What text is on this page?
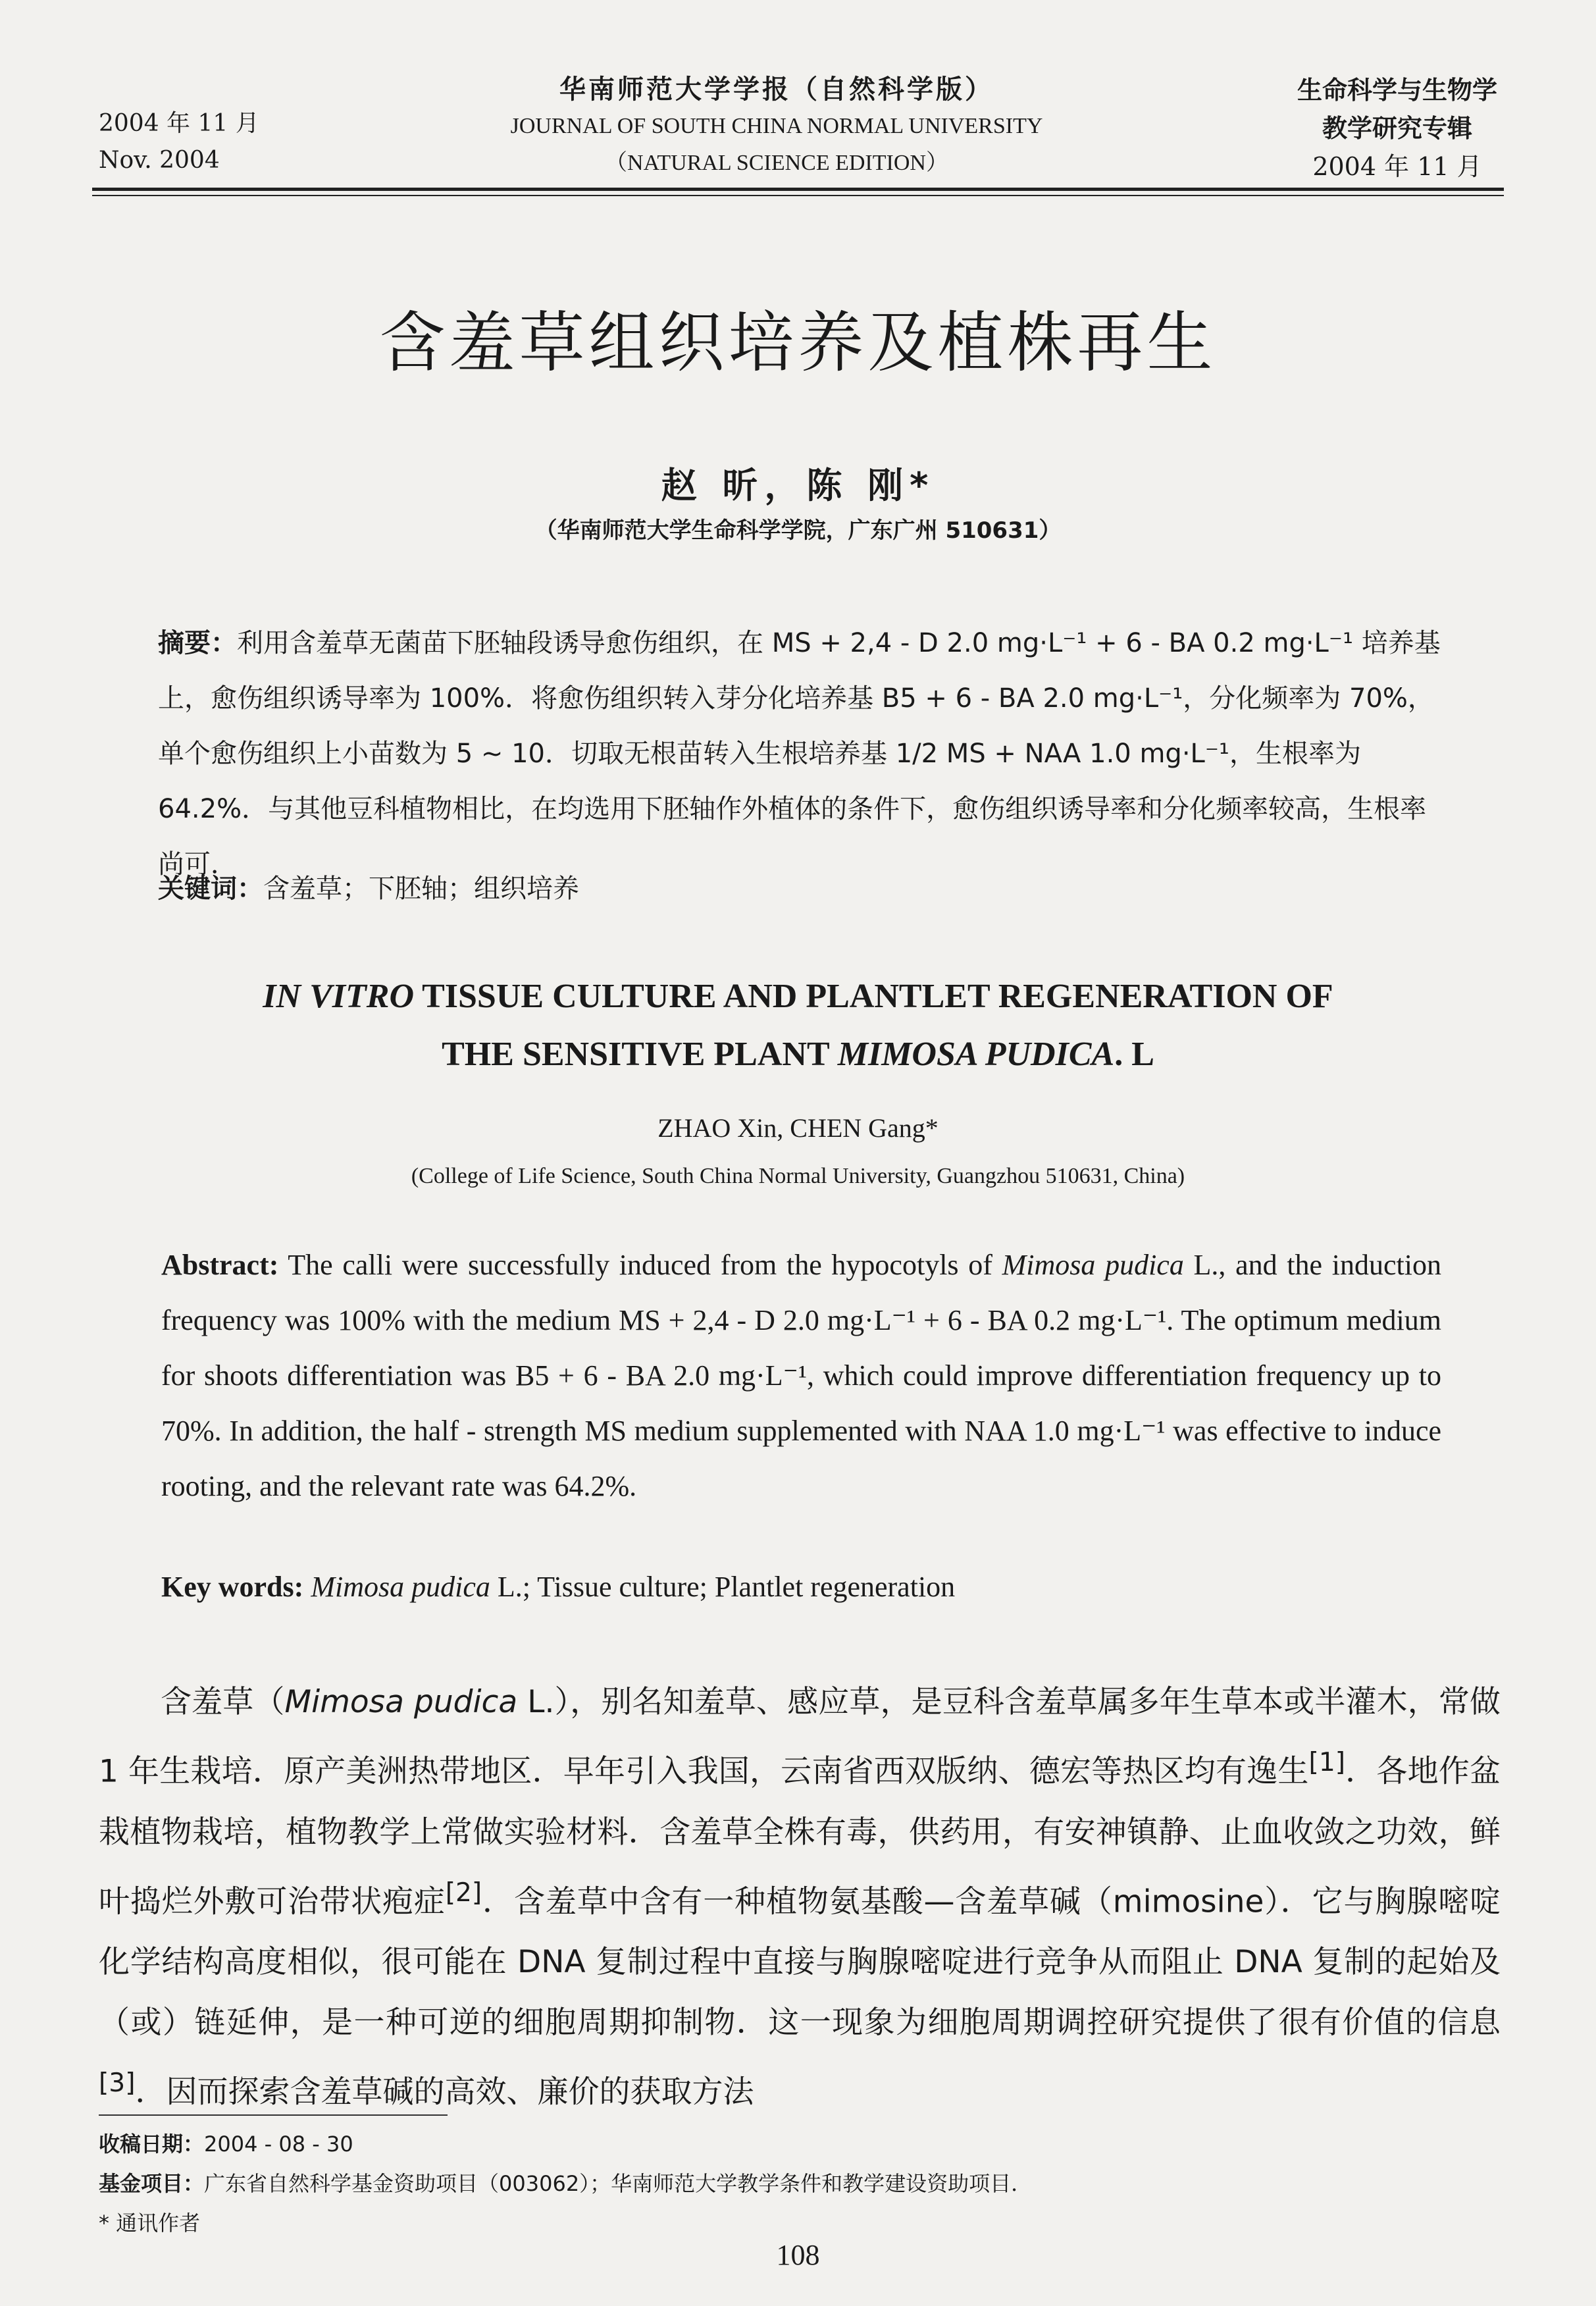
2004 年 11 月
Nov. 2004
华南师范大学学报（自然科学版）
JOURNAL OF SOUTH CHINA NORMAL UNIVERSITY
（NATURAL SCIENCE EDITION）
生命科学与生物学
教学研究专辑
2004 年 11 月
含羞草组织培养及植株再生
赵 昕，陈 刚*
（华南师范大学生命科学学院，广东广州 510631）
摘要：利用含羞草无菌苗下胚轴段诱导愈伤组织，在 MS + 2,4 - D 2.0 mg·L⁻¹ + 6 - BA 0.2 mg·L⁻¹ 培养基上，愈伤组织诱导率为 100%．将愈伤组织转入芽分化培养基 B5 + 6 - BA 2.0 mg·L⁻¹，分化频率为 70%，单个愈伤组织上小苗数为 5 ~ 10．切取无根苗转入生根培养基 1/2 MS + NAA 1.0 mg·L⁻¹，生根率为 64.2%．与其他豆科植物相比，在均选用下胚轴作外植体的条件下，愈伤组织诱导率和分化频率较高，生根率尚可．
关键词：含羞草；下胚轴；组织培养
IN VITRO TISSUE CULTURE AND PLANTLET REGENERATION OF
THE SENSITIVE PLANT MIMOSA PUDICA. L
ZHAO Xin, CHEN Gang*
(College of Life Science, South China Normal University, Guangzhou 510631, China)
Abstract: The calli were successfully induced from the hypocotyls of Mimosa pudica L., and the induction frequency was 100% with the medium MS + 2,4 - D 2.0 mg·L⁻¹ + 6 - BA 0.2 mg·L⁻¹. The optimum medium for shoots differentiation was B5 + 6 - BA 2.0 mg·L⁻¹, which could improve differentiation frequency up to 70%. In addition, the half - strength MS medium supplemented with NAA 1.0 mg·L⁻¹ was effective to induce rooting, and the relevant rate was 64.2%.
Key words: Mimosa pudica L.; Tissue culture; Plantlet regeneration
含羞草（Mimosa pudica L.），别名知羞草、感应草，是豆科含羞草属多年生草本或半灌木，常做 1 年生栽培．原产美洲热带地区．早年引入我国，云南省西双版纳、德宏等热区均有逸生[1]．各地作盆栽植物栽培，植物教学上常做实验材料．含羞草全株有毒，供药用，有安神镇静、止血收敛之功效，鲜叶捣烂外敷可治带状疱症[2]．含羞草中含有一种植物氨基酸—含羞草碱（mimosine）．它与胸腺嘧啶化学结构高度相似，很可能在 DNA 复制过程中直接与胸腺嘧啶进行竞争从而阻止 DNA 复制的起始及（或）链延伸，是一种可逆的细胞周期抑制物．这一现象为细胞周期调控研究提供了很有价值的信息[3]．因而探索含羞草碱的高效、廉价的获取方法
收稿日期：2004 - 08 - 30
基金项目：广东省自然科学基金资助项目（003062）；华南师范大学教学条件和教学建设资助项目．
* 通讯作者
108
